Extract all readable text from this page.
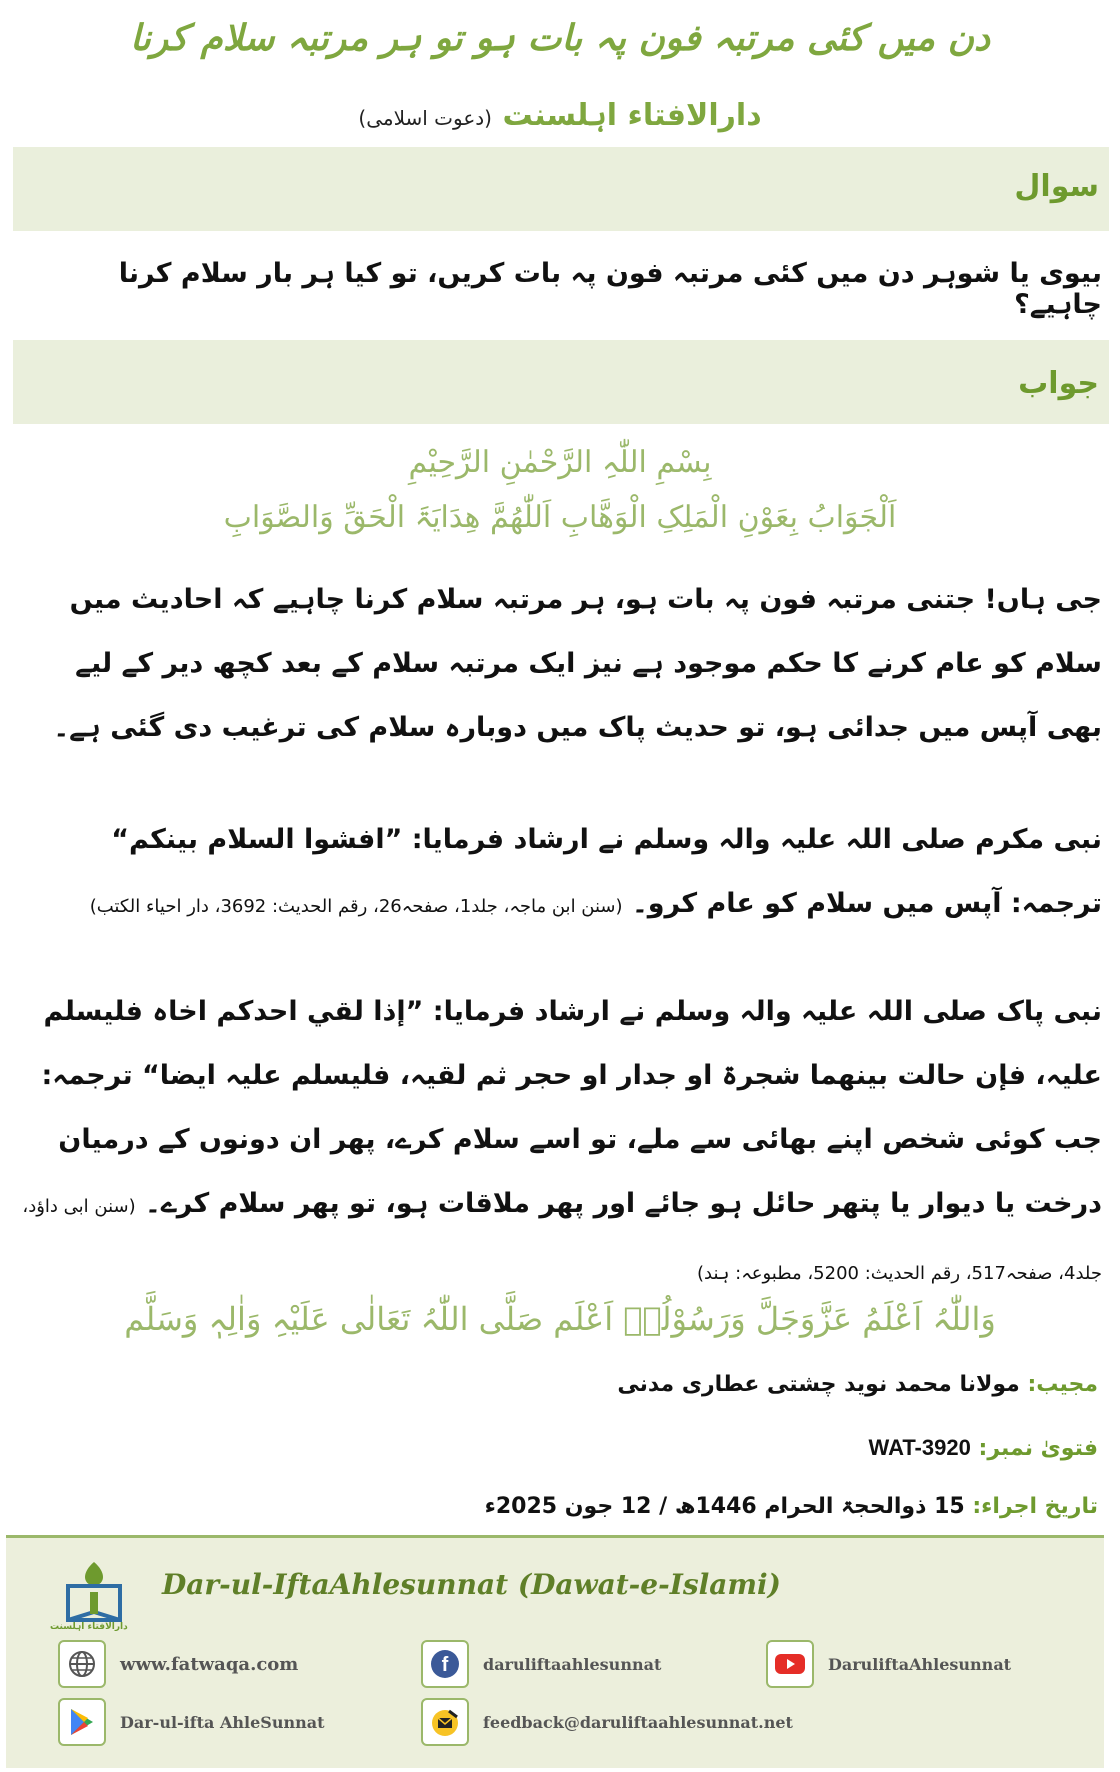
دن میں کئی مرتبہ فون پہ بات ہو تو ہر مرتبہ سلام کرنا
دارالافتاء اہلسنت (دعوت اسلامی)
سوال
بیوی یا شوہر دن میں کئی مرتبہ فون پہ بات کریں، تو کیا ہر بار سلام کرنا چاہیے؟
جواب
بِسْمِ اللّٰہِ الرَّحْمٰنِ الرَّحِیْمِ
اَلْجَوَابُ بِعَوْنِ الْمَلِکِ الْوَھَّابِ اَللّٰھُمَّ ھِدَایَۃَ الْحَقِّ وَالصَّوَابِ
جی ہاں! جتنی مرتبہ فون پہ بات ہو، ہر مرتبہ سلام کرنا چاہیے کہ احادیث میں سلام کو عام کرنے کا حکم موجود ہے نیز ایک مرتبہ سلام کے بعد کچھ دیر کے لیے بھی آپس میں جدائی ہو، تو حدیث پاک میں دوبارہ سلام کی ترغیب دی گئی ہے۔
نبی مکرم صلی اللہ علیہ والہ وسلم نے ارشاد فرمایا: ”افشوا السلام بینکم“ ترجمہ: آپس میں سلام کو عام کرو۔ (سنن ابن ماجہ، جلد1، صفحہ26، رقم الحدیث: 3692، دار احیاء الکتب)
نبی پاک صلی اللہ علیہ والہ وسلم نے ارشاد فرمایا: ”إذا لقي احدکم اخاہ فلیسلم علیہ، فإن حالت بینھما شجرۃ او جدار او حجر ثم لقیہ، فلیسلم علیہ ایضا“ ترجمہ: جب کوئی شخص اپنے بھائی سے ملے، تو اسے سلام کرے، پھر ان دونوں کے درمیان درخت یا دیوار یا پتھر حائل ہو جائے اور پھر ملاقات ہو، تو پھر سلام کرے۔ (سنن ابی داؤد، جلد4، صفحہ517، رقم الحدیث: 5200، مطبوعہ: ہند)
وَاللّٰہُ اَعْلَمُ عَزَّوَجَلَّ وَرَسُوْلُہٗ اَعْلَم صَلَّی اللّٰہُ تَعَالٰی عَلَیْہِ وَاٰلِہٖ وَسَلَّم
مجیب: مولانا محمد نوید چشتی عطاری مدنی
فتویٰ نمبر: WAT-3920
تاریخ اجراء: 15 ذوالحجۃ الحرام 1446ھ / 12 جون 2025ء
دارالافتاء اہلسنت
Dar-ul-IftaAhlesunnat (Dawat-e-Islami)
www.fatwaqa.com	f daruliftaahlesunnat	DaruliftaAhlesunnat
Dar-ul-ifta AhleSunnat	feedback@daruliftaahlesunnat.net
